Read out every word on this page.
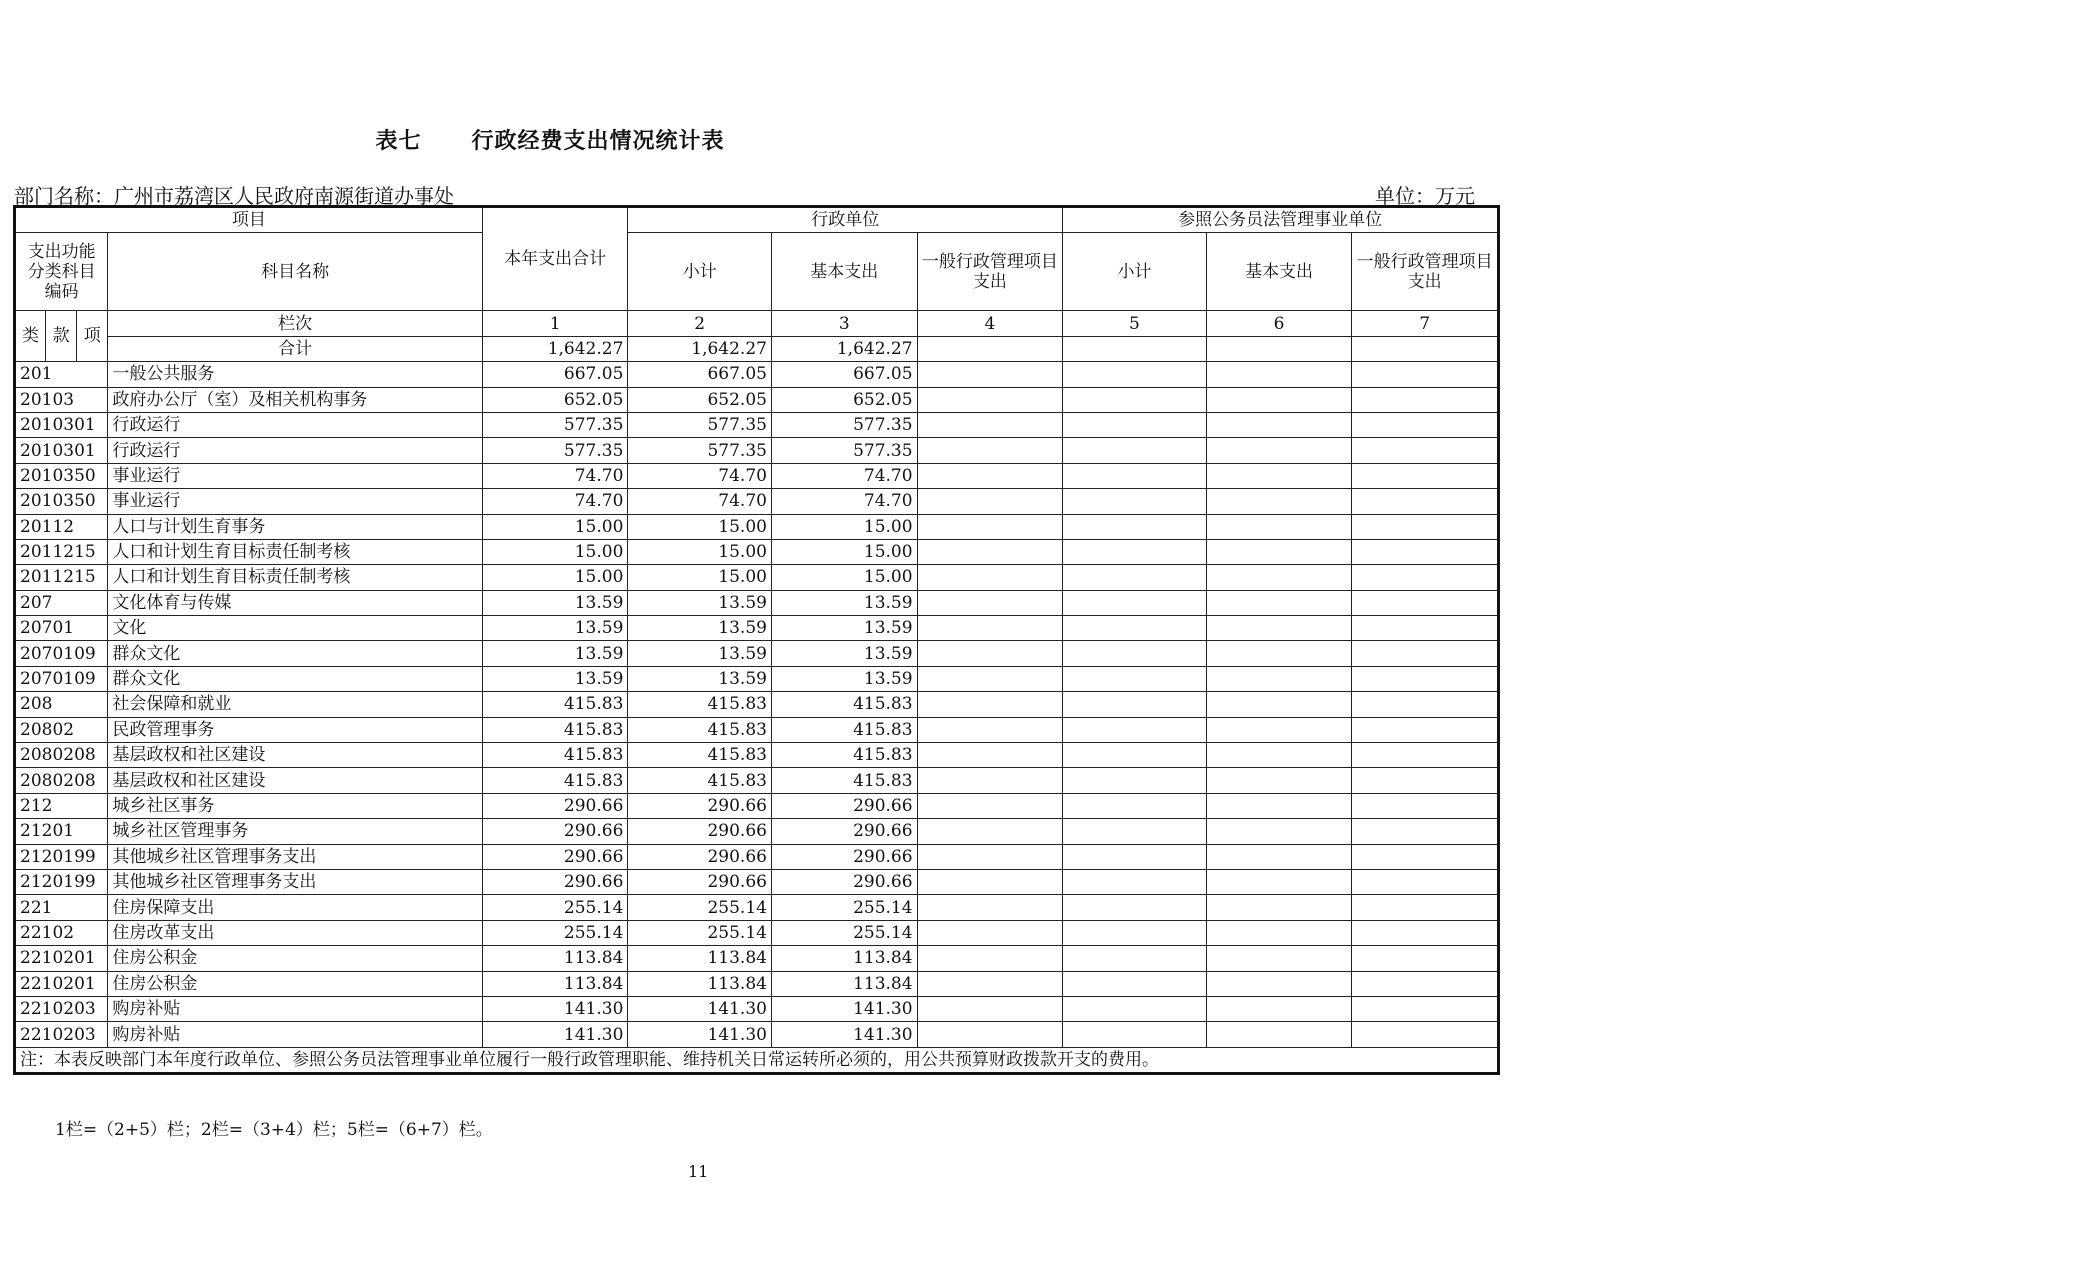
表七 行政经费支出情况统计表
部门名称：广州市荔湾区人民政府南源街道办事处	单位：万元
项目				本年支出合计	行政单位			参照公务员法管理事业单位		
支出功能分类科目编码			科目名称		小计	基本支出	一般行政管理项目支出	小计	基本支出	一般行政管理项目支出

类	款	项	栏次	1	2	3	4	5	6	7
			合计	1,642.27	1,642.27	1,642.27				
201			一般公共服务	667.05	667.05	667.05				
20103			政府办公厅（室）及相关机构事务	652.05	652.05	652.05				
2010301			行政运行	577.35	577.35	577.35				
2010301			行政运行	577.35	577.35	577.35				
2010350			事业运行	74.70	74.70	74.70				
2010350			事业运行	74.70	74.70	74.70				
20112			人口与计划生育事务	15.00	15.00	15.00				
2011215			人口和计划生育目标责任制考核	15.00	15.00	15.00				
2011215			人口和计划生育目标责任制考核	15.00	15.00	15.00				
207			文化体育与传媒	13.59	13.59	13.59				
20701			文化	13.59	13.59	13.59				
2070109			群众文化	13.59	13.59	13.59				
2070109			群众文化	13.59	13.59	13.59				
208			社会保障和就业	415.83	415.83	415.83				
20802			民政管理事务	415.83	415.83	415.83				
2080208			基层政权和社区建设	415.83	415.83	415.83				
2080208			基层政权和社区建设	415.83	415.83	415.83				
212			城乡社区事务	290.66	290.66	290.66				
21201			城乡社区管理事务	290.66	290.66	290.66				
2120199			其他城乡社区管理事务支出	290.66	290.66	290.66				
2120199			其他城乡社区管理事务支出	290.66	290.66	290.66				
221			住房保障支出	255.14	255.14	255.14				
22102			住房改革支出	255.14	255.14	255.14				
2210201			住房公积金	113.84	113.84	113.84				
2210201			住房公积金	113.84	113.84	113.84				
2210203			购房补贴	141.30	141.30	141.30				
2210203			购房补贴	141.30	141.30	141.30				
注：本表反映部门本年度行政单位、参照公务员法管理事业单位履行一般行政管理职能、维持机关日常运转所必须的，用公共预算财政拨款开支的费用。										
1栏=（2+5）栏；2栏=（3+4）栏；5栏=（6+7）栏。
11
